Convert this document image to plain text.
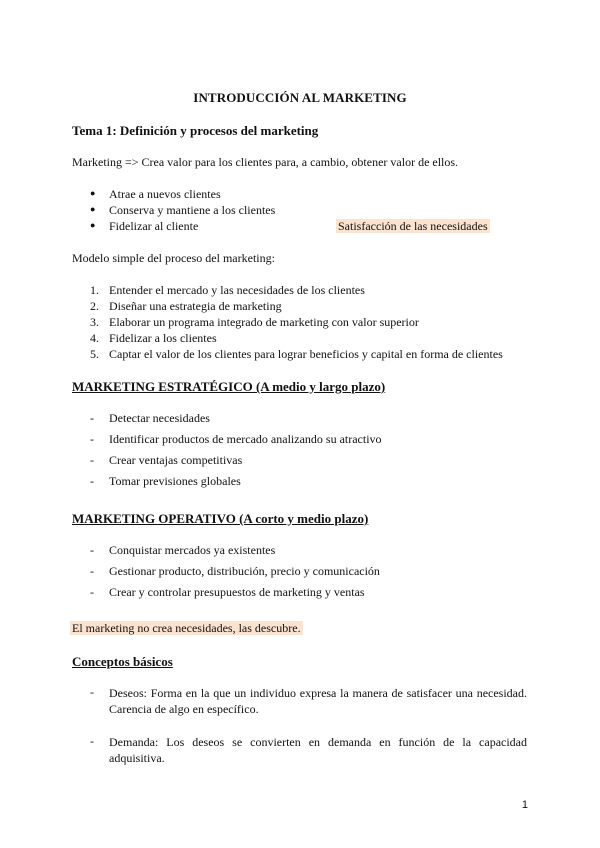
INTRODUCCIÓN AL MARKETING
Tema 1: Definición y procesos del marketing
Marketing => Crea valor para los clientes para, a cambio, obtener valor de ellos.
● Atrae a nuevos clientes
● Conserva y mantiene a los clientes
● Fidelizar al cliente	Satisfacción de las necesidades
Modelo simple del proceso del marketing:
1. Entender el mercado y las necesidades de los clientes
2. Diseñar una estrategia de marketing
3. Elaborar un programa integrado de marketing con valor superior
4. Fidelizar a los clientes
5. Captar el valor de los clientes para lograr beneficios y capital en forma de clientes
MARKETING ESTRATÉGICO (A medio y largo plazo)
- Detectar necesidades
- Identificar productos de mercado analizando su atractivo
- Crear ventajas competitivas
- Tomar previsiones globales
MARKETING OPERATIVO (A corto y medio plazo)
- Conquistar mercados ya existentes
- Gestionar producto, distribución, precio y comunicación
- Crear y controlar presupuestos de marketing y ventas
El marketing no crea necesidades, las descubre.
Conceptos básicos
- Deseos: Forma en la que un individuo expresa la manera de satisfacer una necesidad. Carencia de algo en específico.
- Demanda: Los deseos se convierten en demanda en función de la capacidad adquisitiva.
1
